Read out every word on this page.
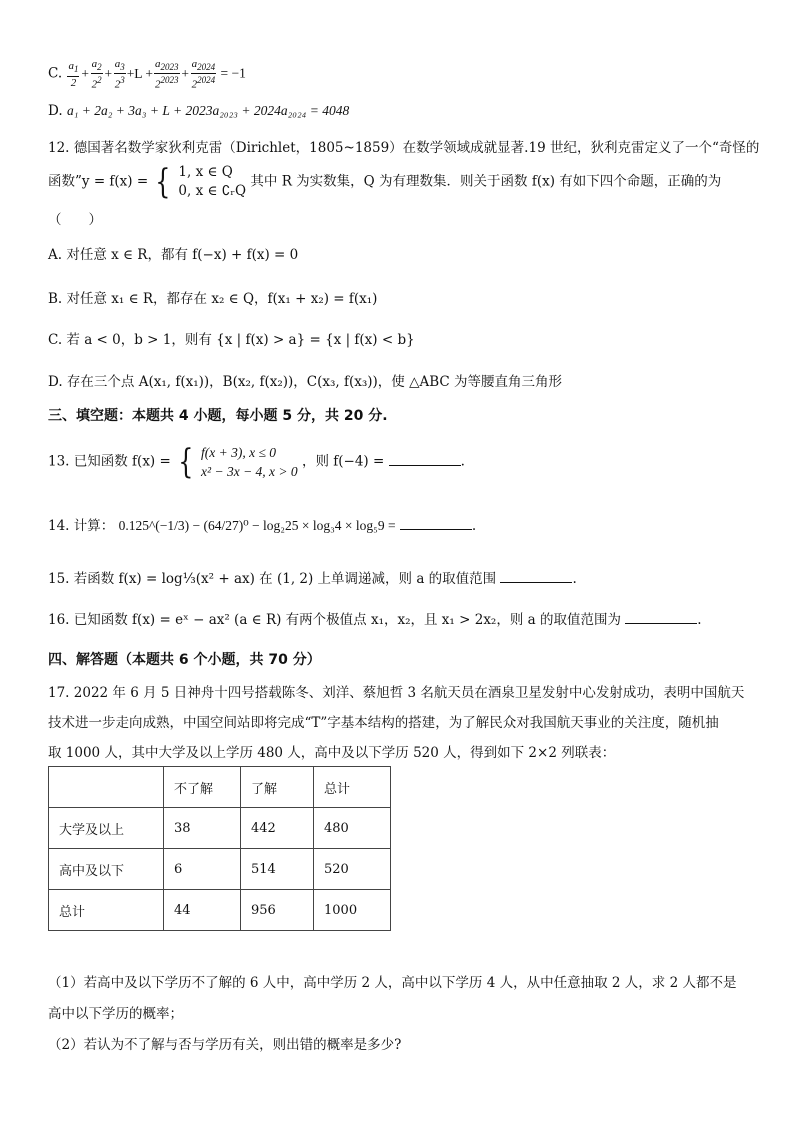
C. $\frac{a_1}{2} + \frac{a_2}{2^2} + \frac{a_3}{2^3} +L + \frac{a_{2023}}{2^{2023}} + \frac{a_{2024}}{2^{2024}} = -1$
D. a₁ + 2a₂ + 3a₃ + L + 2023a₂₀₂₃ + 2024a₂₀₂₄ = 4048
12. 德国著名数学家狄利克雷（Dirichlet，1805~1859）在数学领域成就显著.19 世纪，狄利克雷定义了一个“奇怪的
函数”y = f(x) = { 1, x ∈ Q
0, x ∈ ∁ᵣQ
其中 R 为实数集，Q 为有理数集．则关于函数 f(x) 有如下四个命题，正确的为
（　　）
A. 对任意 x ∈ R，都有 f(−x) + f(x) = 0
B. 对任意 x₁ ∈ R，都存在 x₂ ∈ Q，f(x₁ + x₂) = f(x₁)
C. 若 a < 0，b > 1，则有 {x | f(x) > a} = {x | f(x) < b}
D. 存在三个点 A(x₁, f(x₁))，B(x₂, f(x₂))，C(x₃, f(x₃))，使 △ABC 为等腰直角三角形
三、填空题：本题共 4 小题，每小题 5 分，共 20 分.
13. 已知函数 f(x) = { f(x + 3), x ≤ 0
x² − 3x − 4, x > 0
，则 f(−4) =	.
14. 计算： 0.125^(−1/3) − (64/27)⁰ − log₂25 × log₃4 × log₅9 =	.
15. 若函数 f(x) = log⅓(x² + ax) 在 (1, 2) 上单调递减，则 a 的取值范围	.
16. 已知函数 f(x) = eˣ − ax² (a ∈ R) 有两个极值点 x₁，x₂，且 x₁ > 2x₂，则 a 的取值范围为	.
四、解答题（本题共 6 个小题，共 70 分）
17. 2022 年 6 月 5 日神舟十四号搭载陈冬、刘洋、蔡旭哲 3 名航天员在酒泉卫星发射中心发射成功，表明中国航天
技术进一步走向成熟，中国空间站即将完成“T”字基本结构的搭建，为了解民众对我国航天事业的关注度，随机抽
取 1000 人，其中大学及以上学历 480 人，高中及以下学历 520 人，得到如下 2×2 列联表：
	不了解	了解	总计
大学及以上	38	442	480
高中及以下	6	514	520
总计	44	956	1000
（1）若高中及以下学历不了解的 6 人中，高中学历 2 人，高中以下学历 4 人，从中任意抽取 2 人，求 2 人都不是
高中以下学历的概率；
（2）若认为不了解与否与学历有关，则出错的概率是多少?
